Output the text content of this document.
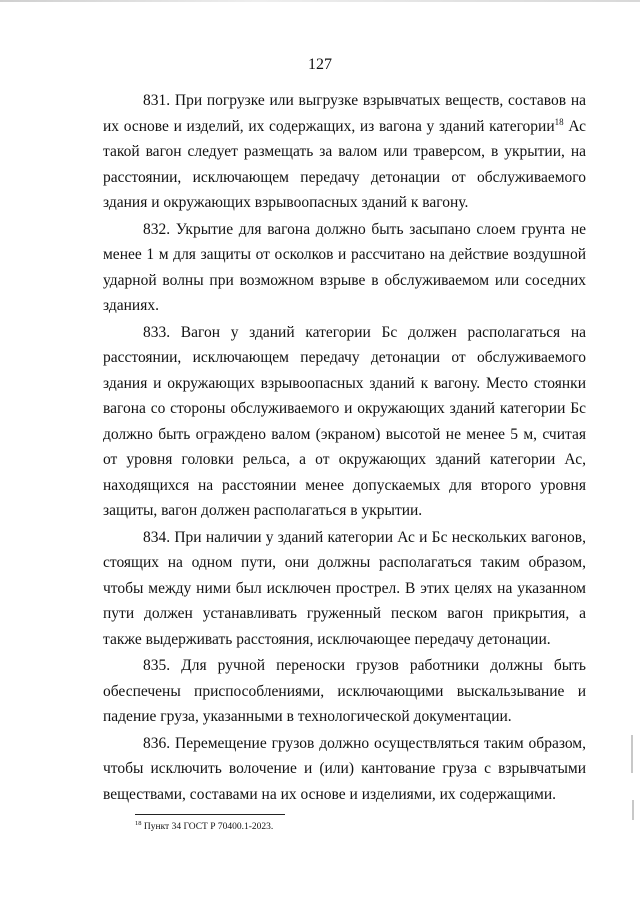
127

831. При погрузке или выгрузке взрывчатых веществ, составов на их основе и изделий, их содержащих, из вагона у зданий категории$^{18}$ Ас такой вагон следует размещать за валом или траверсом, в укрытии, на расстоянии, исключающем передачу детонации от обслуживаемого здания и окружающих взрывоопасных зданий к вагону.

832. Укрытие для вагона должно быть засыпано слоем грунта не менее 1 м для защиты от осколков и рассчитано на действие воздушной ударной волны при возможном взрыве в обслуживаемом или соседних зданиях.

833. Вагон у зданий категории Бс должен располагаться на расстоянии, исключающем передачу детонации от обслуживаемого здания и окружающих взрывоопасных зданий к вагону. Место стоянки вагона со стороны обслуживаемого и окружающих зданий категории Бс должно быть ограждено валом (экраном) высотой не менее 5 м, считая от уровня головки рельса, а от окружающих зданий категории Ас, находящихся на расстоянии менее допускаемых для второго уровня защиты, вагон должен располагаться в укрытии.

834. При наличии у зданий категории Ас и Бс нескольких вагонов, стоящих на одном пути, они должны располагаться таким образом, чтобы между ними был исключен прострел. В этих целях на указанном пути должен устанавливать груженный песком вагон прикрытия, а также выдерживать расстояния, исключающее передачу детонации.

835. Для ручной переноски грузов работники должны быть обеспечены приспособлениями, исключающими выскальзывание и падение груза, указанными в технологической документации.

836. Перемещение грузов должно осуществляться таким образом, чтобы исключить волочение и (или) кантование груза с взрывчатыми веществами, составами на их основе и изделиями, их содержащими.

$^{18}$ Пункт 34 ГОСТ Р 70400.1-2023.
